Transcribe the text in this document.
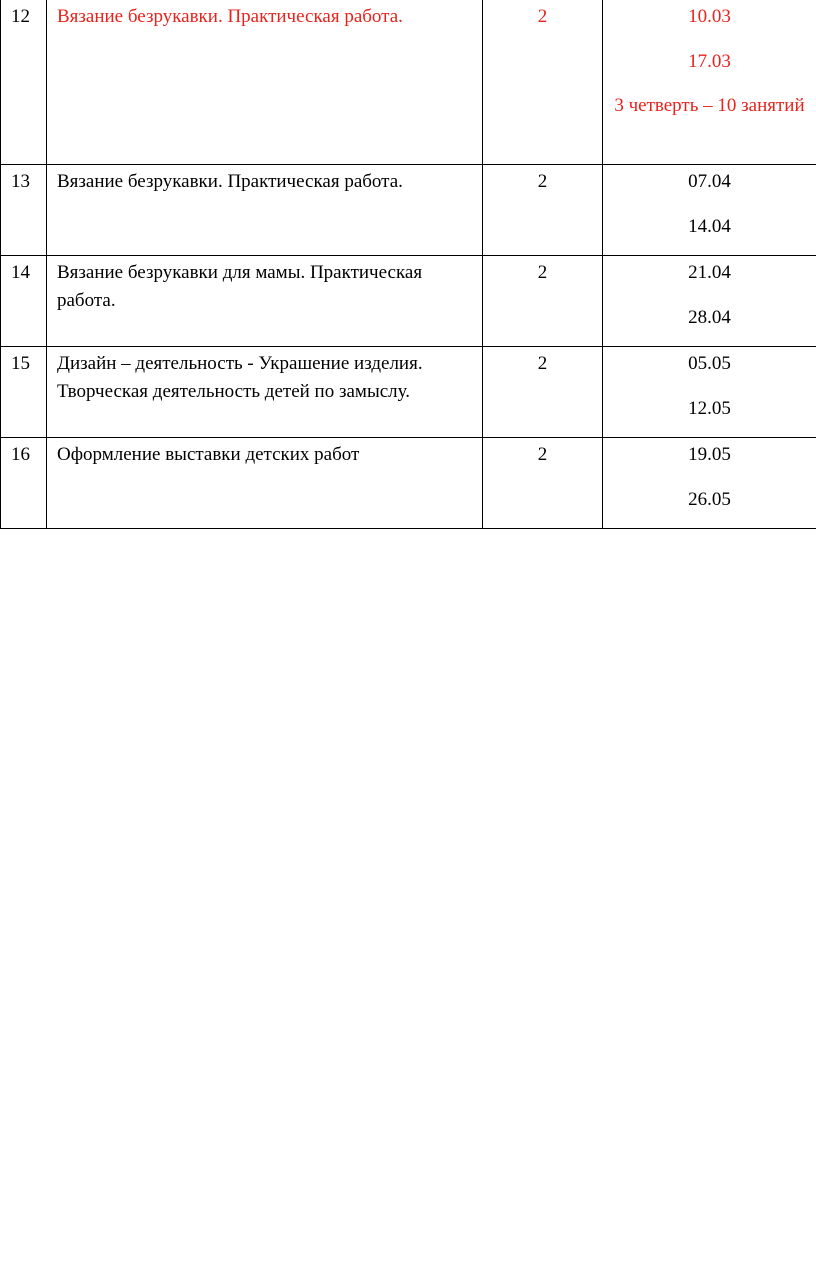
12	Вязание безрукавки. Практическая работа.	2	10.03
17.03
3 четверть – 10 занятий

13	Вязание безрукавки. Практическая работа.	2	07.04
14.04

14	Вязание безрукавки для мамы. Практическая работа.	2	21.04
28.04

15	Дизайн – деятельность - Украшение изделия. Творческая деятельность детей по замыслу.	2	05.05
12.05

16	Оформление выставки детских работ	2	19.05
26.05
